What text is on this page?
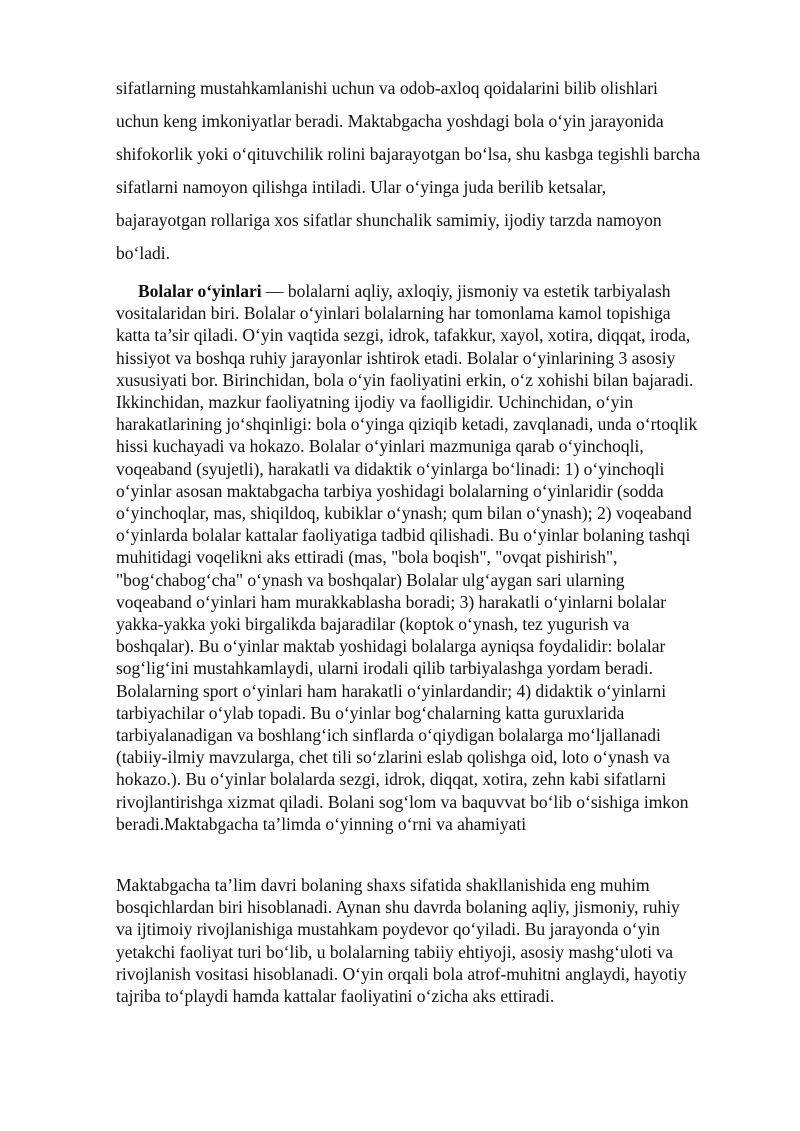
sifatlarning mustahkamlanishi uchun va odob-axloq qoidalarini bilib olishlari
uchun keng imkoniyatlar beradi. Maktabgacha yoshdagi bola o‘yin jarayonida
shifokorlik yoki o‘qituvchilik rolini bajarayotgan bo‘lsa, shu kasbga tegishli barcha
sifatlarni namoyon qilishga intiladi. Ular o‘yinga juda berilib ketsalar,
bajarayotgan rollariga xos sifatlar shunchalik samimiy, ijodiy tarzda namoyon
bo‘ladi.

Bolalar o‘yinlari — bolalarni aqliy, axloqiy, jismoniy va estetik tarbiyalash
vositalaridan biri. Bolalar o‘yinlari bolalarning har tomonlama kamol topishiga
katta ta’sir qiladi. O‘yin vaqtida sezgi, idrok, tafakkur, xayol, xotira, diqqat, iroda,
hissiyot va boshqa ruhiy jarayonlar ishtirok etadi. Bolalar o‘yinlarining 3 asosiy
xususiyati bor. Birinchidan, bola o‘yin faoliyatini erkin, o‘z xohishi bilan bajaradi.
Ikkinchidan, mazkur faoliyatning ijodiy va faolligidir. Uchinchidan, o‘yin
harakatlarining jo‘shqinligi: bola o‘yinga qiziqib ketadi, zavqlanadi, unda o‘rtoqlik
hissi kuchayadi va hokazo. Bolalar o‘yinlari mazmuniga qarab o‘yinchoqli,
voqeaband (syujetli), harakatli va didaktik o‘yinlarga bo‘linadi: 1) o‘yinchoqli
o‘yinlar asosan maktabgacha tarbiya yoshidagi bolalarning o‘yinlaridir (sodda
o‘yinchoqlar, mas, shiqildoq, kubiklar o‘ynash; qum bilan o‘ynash); 2) voqeaband
o‘yinlarda bolalar kattalar faoliyatiga tadbid qilishadi. Bu o‘yinlar bolaning tashqi
muhitidagi voqelikni aks ettiradi (mas, "bola boqish", "ovqat pishirish",
"bog‘chabog‘cha" o‘ynash va boshqalar) Bolalar ulg‘aygan sari ularning
voqeaband o‘yinlari ham murakkablasha boradi; 3) harakatli o‘yinlarni bolalar
yakka-yakka yoki birgalikda bajaradilar (koptok o‘ynash, tez yugurish va
boshqalar). Bu o‘yinlar maktab yoshidagi bolalarga ayniqsa foydalidir: bolalar
sog‘lig‘ini mustahkamlaydi, ularni irodali qilib tarbiyalashga yordam beradi.
Bolalarning sport o‘yinlari ham harakatli o‘yinlardandir; 4) didaktik o‘yinlarni
tarbiyachilar o‘ylab topadi. Bu o‘yinlar bog‘chalarning katta guruxlarida
tarbiyalanadigan va boshlang‘ich sinflarda o‘qiydigan bolalarga mo‘ljallanadi
(tabiiy-ilmiy mavzularga, chet tili so‘zlarini eslab qolishga oid, loto o‘ynash va
hokazo.). Bu o‘yinlar bolalarda sezgi, idrok, diqqat, xotira, zehn kabi sifatlarni
rivojlantirishga xizmat qiladi. Bolani sog‘lom va baquvvat bo‘lib o‘sishiga imkon
beradi.Maktabgacha ta’limda o‘yinning o‘rni va ahamiyati

Maktabgacha ta’lim davri bolaning shaxs sifatida shakllanishida eng muhim
bosqichlardan biri hisoblanadi. Aynan shu davrda bolaning aqliy, jismoniy, ruhiy
va ijtimoiy rivojlanishiga mustahkam poydevor qo‘yiladi. Bu jarayonda o‘yin
yetakchi faoliyat turi bo‘lib, u bolalarning tabiiy ehtiyoji, asosiy mashg‘uloti va
rivojlanish vositasi hisoblanadi. O‘yin orqali bola atrof-muhitni anglaydi, hayotiy
tajriba to‘playdi hamda kattalar faoliyatini o‘zicha aks ettiradi.
